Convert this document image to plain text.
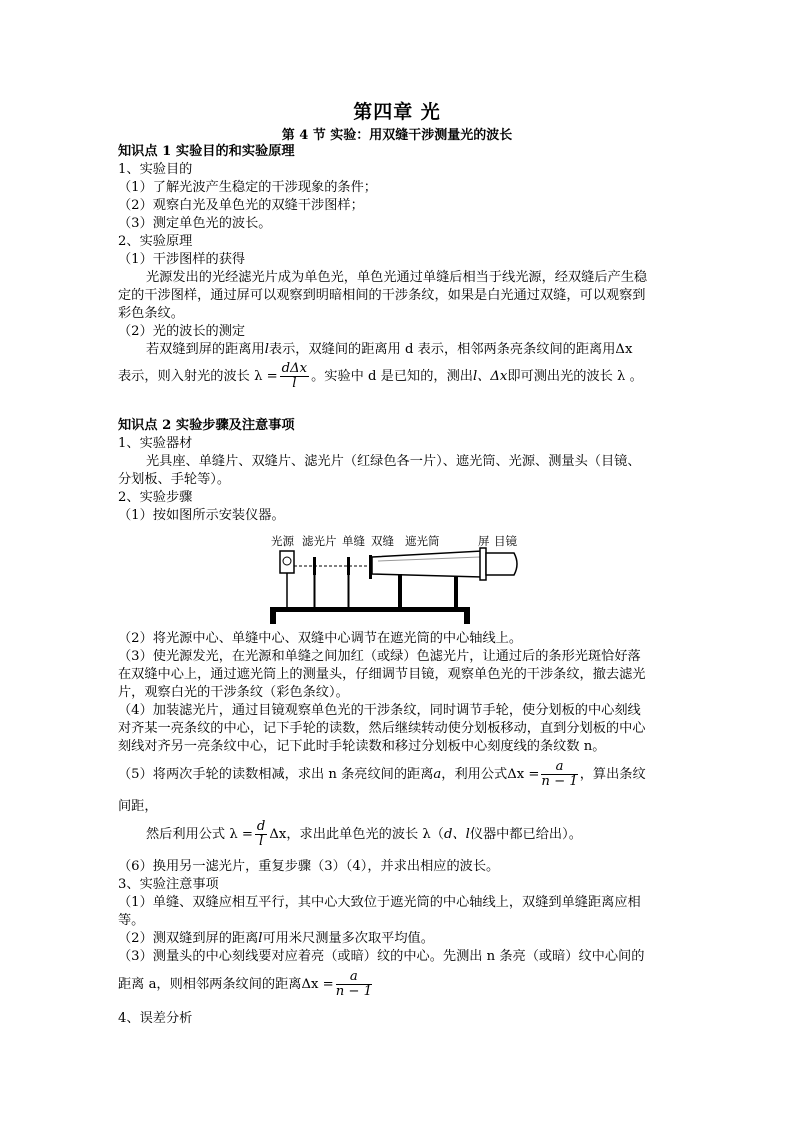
第四章 光
第 4 节 实验：用双缝干涉测量光的波长
知识点 1 实验目的和实验原理
1、实验目的
（1）了解光波产生稳定的干涉现象的条件；
（2）观察白光及单色光的双缝干涉图样；
（3）测定单色光的波长。
2、实验原理
（1）干涉图样的获得
光源发出的光经滤光片成为单色光，单色光通过单缝后相当于线光源，经双缝后产生稳
定的干涉图样，通过屏可以观察到明暗相间的干涉条纹，如果是白光通过双缝，可以观察到
彩色条纹。
（2）光的波长的测定
若双缝到屏的距离用l表示，双缝间的距离用 d 表示，相邻两条亮条纹间的距离用Δx
表示，则入射光的波长 $\lambda = \frac{\text{dΔx}}{l}$ 。实验中 d 是已知的，测出l、Δx即可测出光的波长 λ 。
知识点 2 实验步骤及注意事项
1、实验器材
光具座、单缝片、双缝片、滤光片（红绿色各一片）、遮光筒、光源、测量头（目镜、
分划板、手轮等）。
2、实验步骤
（1）按如图所示安装仪器。
光源 滤光片 单缝 双缝 遮光筒	屏 目镜
（2）将光源中心、单缝中心、双缝中心调节在遮光筒的中心轴线上。
（3）使光源发光，在光源和单缝之间加红（或绿）色滤光片，让通过后的条形光斑恰好落
在双缝中心上，通过遮光筒上的测量头，仔细调节目镜，观察单色光的干涉条纹，撤去滤光
片，观察白光的干涉条纹（彩色条纹）。
（4）加装滤光片，通过目镜观察单色光的干涉条纹，同时调节手轮，使分划板的中心刻线
对齐某一亮条纹的中心，记下手轮的读数，然后继续转动使分划板移动，直到分划板的中心
刻线对齐另一亮条纹中心，记下此时手轮读数和移过分划板中心刻度线的条纹数 n。
（5）将两次手轮的读数相减，求出 n 条亮纹间的距离a，利用公式$\Delta x = \frac{a}{n - 1}$ ，算出条纹
间距，
然后利用公式 $\lambda = \frac{d}{l}$ Δx，求出此单色光的波长 λ（d、l仪器中都已给出）。
（6）换用另一滤光片，重复步骤（3）（4），并求出相应的波长。
3、实验注意事项
（1）单缝、双缝应相互平行，其中心大致位于遮光筒的中心轴线上，双缝到单缝距离应相
等。
（2）测双缝到屏的距离l可用米尺测量多次取平均值。
（3）测量头的中心刻线要对应着亮（或暗）纹的中心。先测出 n 条亮（或暗）纹中心间的
距离 a，则相邻两条纹间的距离$\Delta x = \frac{a}{n - 1}$
4、误差分析
